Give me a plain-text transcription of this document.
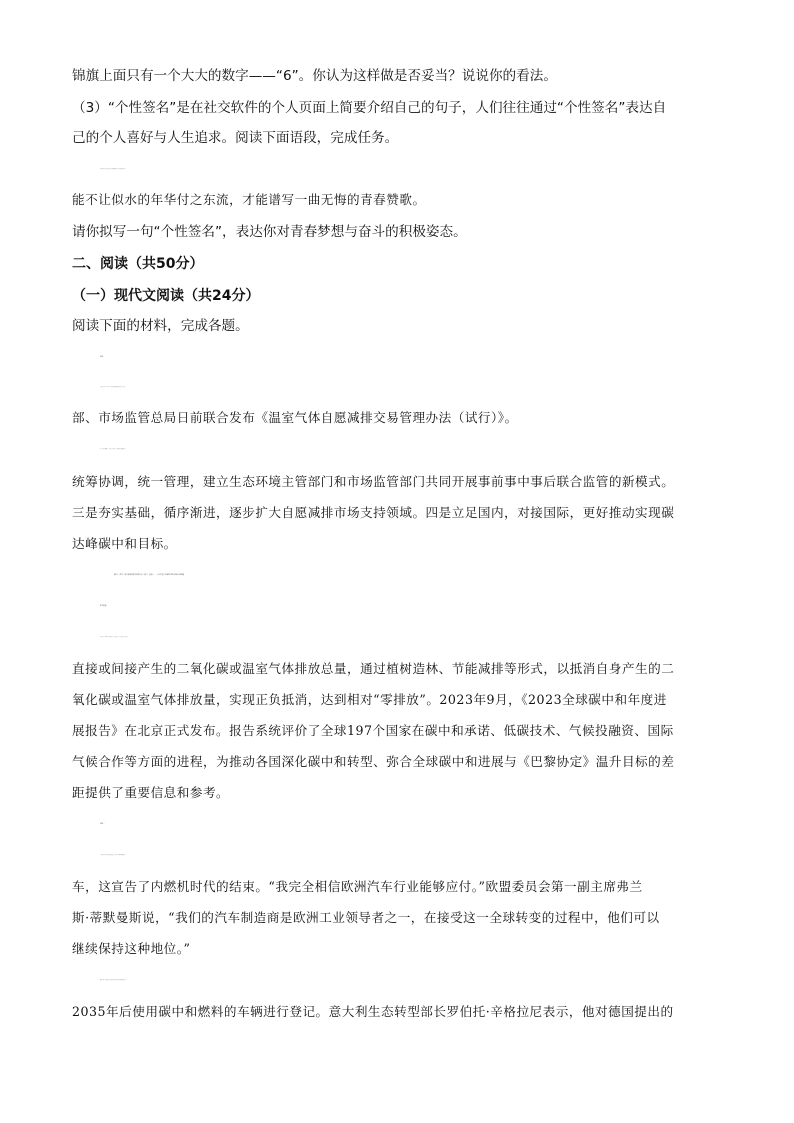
锦旗上面只有一个大大的数字——“6”。你认为这样做是否妥当？说说你的看法。
（3）“个性签名”是在社交软件的个人页面上简要介绍自己的句子，人们往往通过“个性签名”表达自
己的个人喜好与人生追求。阅读下面语段，完成任务。
能不让似水的年华付之东流，才能谱写一曲无悔的青春赞歌。
请你拟写一句“个性签名”，表达你对青春梦想与奋斗的积极姿态。
二、阅读（共50分）
（一）现代文阅读（共24分）
阅读下面的材料，完成各题。
材料一
部、市场监管总局日前联合发布《温室气体自愿减排交易管理办法（试行）》。
统筹协调，统一管理，建立生态环境主管部门和市场监管部门共同开展事前事中事后联合监管的新模式。
三是夯实基础，循序渐进，逐步扩大自愿减排市场支持领域。四是立足国内，对接国际，更好推动实现碳
达峰碳中和目标。
[选自《‹温室气体自愿减排交易管理办法（试行）›发布》，《人民日报》2023年10月23日第15版]
相关链接：
直接或间接产生的二氧化碳或温室气体排放总量，通过植树造林、节能减排等形式，以抵消自身产生的二
氧化碳或温室气体排放量，实现正负抵消，达到相对“零排放”。2023年9月，《2023全球碳中和年度进
展报告》在北京正式发布。报告系统评价了全球197个国家在碳中和承诺、低碳技术、气候投融资、国际
气候合作等方面的进程，为推动各国深化碳中和转型、弥合全球碳中和进展与《巴黎协定》温升目标的差
距提供了重要信息和参考。
材料二
车，这宣告了内燃机时代的结束。“我完全相信欧洲汽车行业能够应付。”欧盟委员会第一副主席弗兰
斯·蒂默曼斯说，“我们的汽车制造商是欧洲工业领导者之一，在接受这一全球转变的过程中，他们可以
继续保持这种地位。”
2035年后使用碳中和燃料的车辆进行登记。意大利生态转型部长罗伯托·辛格拉尼表示，他对德国提出的
